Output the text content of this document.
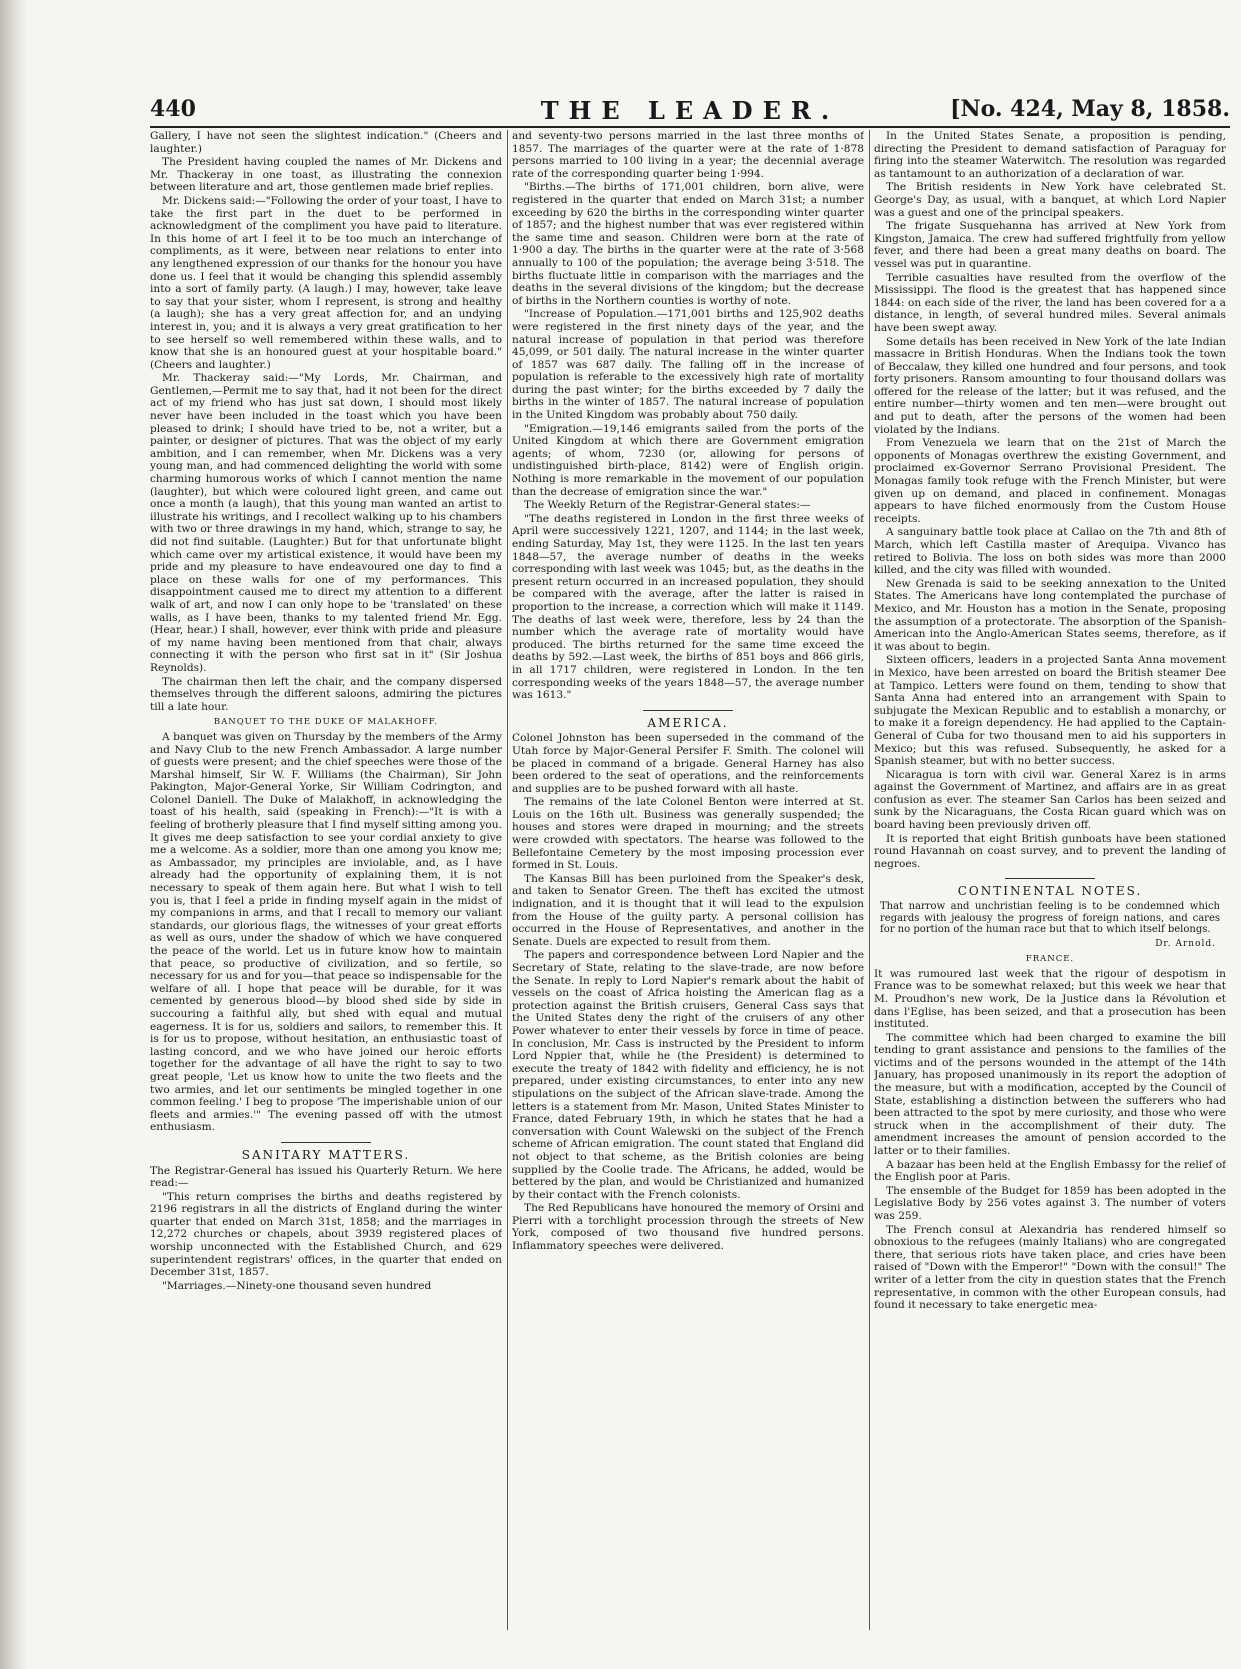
440	THE LEADER.	[No. 424, May 8, 1858.

Gallery, I have not seen the slightest indication." (Cheers and laughter.)

The President having coupled the names of Mr. Dickens and Mr. Thackeray in one toast, as illustrating the connexion between literature and art, those gentlemen made brief replies.

Mr. Dickens said:—"Following the order of your toast, I have to take the first part in the duet to be performed in acknowledgment of the compliment you have paid to literature. In this home of art I feel it to be too much an interchange of compliments, as it were, between near relations to enter into any lengthened expression of our thanks for the honour you have done us. I feel that it would be changing this splendid assembly into a sort of family party. (A laugh.) I may, however, take leave to say that your sister, whom I represent, is strong and healthy (a laugh); she has a very great affection for, and an undying interest in, you; and it is always a very great gratification to her to see herself so well remembered within these walls, and to know that she is an honoured guest at your hospitable board." (Cheers and laughter.)

Mr. Thackeray said:—"My Lords, Mr. Chairman, and Gentlemen,—Permit me to say that, had it not been for the direct act of my friend who has just sat down, I should most likely never have been included in the toast which you have been pleased to drink; I should have tried to be, not a writer, but a painter, or designer of pictures. That was the object of my early ambition, and I can remember, when Mr. Dickens was a very young man, and had commenced delighting the world with some charming humorous works of which I cannot mention the name (laughter), but which were coloured light green, and came out once a month (a laugh), that this young man wanted an artist to illustrate his writings, and I recollect walking up to his chambers with two or three drawings in my hand, which, strange to say, he did not find suitable. (Laughter.) But for that unfortunate blight which came over my artistical existence, it would have been my pride and my pleasure to have endeavoured one day to find a place on these walls for one of my performances. This disappointment caused me to direct my attention to a different walk of art, and now I can only hope to be 'translated' on these walls, as I have been, thanks to my talented friend Mr. Egg. (Hear, hear.) I shall, however, ever think with pride and pleasure of my name having been mentioned from that chair, always connecting it with the person who first sat in it" (Sir Joshua Reynolds).

The chairman then left the chair, and the company dispersed themselves through the different saloons, admiring the pictures till a late hour.

BANQUET TO THE DUKE OF MALAKHOFF.

A banquet was given on Thursday by the members of the Army and Navy Club to the new French Ambassador. A large number of guests were present; and the chief speeches were those of the Marshal himself, Sir W. F. Williams (the Chairman), Sir John Pakington, Major-General Yorke, Sir William Codrington, and Colonel Daniell. The Duke of Malakhoff, in acknowledging the toast of his health, said (speaking in French):—"It is with a feeling of brotherly pleasure that I find myself sitting among you. It gives me deep satisfaction to see your cordial anxiety to give me a welcome. As a soldier, more than one among you know me; as Ambassador, my principles are inviolable, and, as I have already had the opportunity of explaining them, it is not necessary to speak of them again here. But what I wish to tell you is, that I feel a pride in finding myself again in the midst of my companions in arms, and that I recall to memory our valiant standards, our glorious flags, the witnesses of your great efforts as well as ours, under the shadow of which we have conquered the peace of the world. Let us in future know how to maintain that peace, so productive of civilization, and so fertile, so necessary for us and for you—that peace so indispensable for the welfare of all. I hope that peace will be durable, for it was cemented by generous blood—by blood shed side by side in succouring a faithful ally, but shed with equal and mutual eagerness. It is for us, soldiers and sailors, to remember this. It is for us to propose, without hesitation, an enthusiastic toast of lasting concord, and we who have joined our heroic efforts together for the advantage of all have the right to say to two great people, 'Let us know how to unite the two fleets and the two armies, and let our sentiments be mingled together in one common feeling.' I beg to propose 'The imperishable union of our fleets and armies.'" The evening passed off with the utmost enthusiasm.

SANITARY MATTERS.

The Registrar-General has issued his Quarterly Return. We here read:—

"This return comprises the births and deaths registered by 2196 registrars in all the districts of England during the winter quarter that ended on March 31st, 1858; and the marriages in 12,272 churches or chapels, about 3939 registered places of worship unconnected with the Established Church, and 629 superintendent registrars' offices, in the quarter that ended on December 31st, 1857.

"Marriages.—Ninety-one thousand seven hundred

and seventy-two persons married in the last three months of 1857. The marriages of the quarter were at the rate of 1·878 persons married to 100 living in a year; the decennial average rate of the corresponding quarter being 1·994.

"Births.—The births of 171,001 children, born alive, were registered in the quarter that ended on March 31st; a number exceeding by 620 the births in the corresponding winter quarter of 1857; and the highest number that was ever registered within the same time and season. Children were born at the rate of 1·900 a day. The births in the quarter were at the rate of 3·568 annually to 100 of the population; the average being 3·518. The births fluctuate little in comparison with the marriages and the deaths in the several divisions of the kingdom; but the decrease of births in the Northern counties is worthy of note.

"Increase of Population.—171,001 births and 125,902 deaths were registered in the first ninety days of the year, and the natural increase of population in that period was therefore 45,099, or 501 daily. The natural increase in the winter quarter of 1857 was 687 daily. The falling off in the increase of population is referable to the excessively high rate of mortality during the past winter; for the births exceeded by 7 daily the births in the winter of 1857. The natural increase of population in the United Kingdom was probably about 750 daily.

"Emigration.—19,146 emigrants sailed from the ports of the United Kingdom at which there are Government emigration agents; of whom, 7230 (or, allowing for persons of undistinguished birth-place, 8142) were of English origin. Nothing is more remarkable in the movement of our population than the decrease of emigration since the war."

The Weekly Return of the Registrar-General states:—

"The deaths registered in London in the first three weeks of April were successively 1221, 1207, and 1144; in the last week, ending Saturday, May 1st, they were 1125. In the last ten years 1848—57, the average number of deaths in the weeks corresponding with last week was 1045; but, as the deaths in the present return occurred in an increased population, they should be compared with the average, after the latter is raised in proportion to the increase, a correction which will make it 1149. The deaths of last week were, therefore, less by 24 than the number which the average rate of mortality would have produced. The births returned for the same time exceed the deaths by 592.—Last week, the births of 851 boys and 866 girls, in all 1717 children, were registered in London. In the ten corresponding weeks of the years 1848—57, the average number was 1613."

AMERICA.

Colonel Johnston has been superseded in the command of the Utah force by Major-General Persifer F. Smith. The colonel will be placed in command of a brigade. General Harney has also been ordered to the seat of operations, and the reinforcements and supplies are to be pushed forward with all haste.

The remains of the late Colonel Benton were interred at St. Louis on the 16th ult. Business was generally suspended; the houses and stores were draped in mourning; and the streets were crowded with spectators. The hearse was followed to the Bellefontaine Cemetery by the most imposing procession ever formed in St. Louis.

The Kansas Bill has been purloined from the Speaker's desk, and taken to Senator Green. The theft has excited the utmost indignation, and it is thought that it will lead to the expulsion from the House of the guilty party. A personal collision has occurred in the House of Representatives, and another in the Senate. Duels are expected to result from them.

The papers and correspondence between Lord Napier and the Secretary of State, relating to the slave-trade, are now before the Senate. In reply to Lord Napier's remark about the habit of vessels on the coast of Africa hoisting the American flag as a protection against the British cruisers, General Cass says that the United States deny the right of the cruisers of any other Power whatever to enter their vessels by force in time of peace. In conclusion, Mr. Cass is instructed by the President to inform Lord Nppier that, while he (the President) is determined to execute the treaty of 1842 with fidelity and efficiency, he is not prepared, under existing circumstances, to enter into any new stipulations on the subject of the African slave-trade. Among the letters is a statement from Mr. Mason, United States Minister to France, dated February 19th, in which he states that he had a conversation with Count Walewski on the subject of the French scheme of African emigration. The count stated that England did not object to that scheme, as the British colonies are being supplied by the Coolie trade. The Africans, he added, would be bettered by the plan, and would be Christianized and humanized by their contact with the French colonists.

The Red Republicans have honoured the memory of Orsini and Pierri with a torchlight procession through the streets of New York, composed of two thousand five hundred persons. Inflammatory speeches were delivered.

In the United States Senate, a proposition is pending, directing the President to demand satisfaction of Paraguay for firing into the steamer Waterwitch. The resolution was regarded as tantamount to an authorization of a declaration of war.

The British residents in New York have celebrated St. George's Day, as usual, with a banquet, at which Lord Napier was a guest and one of the principal speakers.

The frigate Susquehanna has arrived at New York from Kingston, Jamaica. The crew had suffered frightfully from yellow fever, and there had been a great many deaths on board. The vessel was put in quarantine.

Terrible casualties have resulted from the overflow of the Mississippi. The flood is the greatest that has happened since 1844: on each side of the river, the land has been covered for a a distance, in length, of several hundred miles. Several animals have been swept away.

Some details has been received in New York of the late Indian massacre in British Honduras. When the Indians took the town of Beccalaw, they killed one hundred and four persons, and took forty prisoners. Ransom amounting to four thousand dollars was offered for the release of the latter; but it was refused, and the entire number—thirty women and ten men—were brought out and put to death, after the persons of the women had been violated by the Indians.

From Venezuela we learn that on the 21st of March the opponents of Monagas overthrew the existing Government, and proclaimed ex-Governor Serrano Provisional President. The Monagas family took refuge with the French Minister, but were given up on demand, and placed in confinement. Monagas appears to have filched enormously from the Custom House receipts.

A sanguinary battle took place at Callao on the 7th and 8th of March, which left Castilla master of Arequipa. Vivanco has retired to Bolivia. The loss on both sides was more than 2000 killed, and the city was filled with wounded.

New Grenada is said to be seeking annexation to the United States. The Americans have long contemplated the purchase of Mexico, and Mr. Houston has a motion in the Senate, proposing the assumption of a protectorate. The absorption of the Spanish-American into the Anglo-American States seems, therefore, as if it was about to begin.

Sixteen officers, leaders in a projected Santa Anna movement in Mexico, have been arrested on board the British steamer Dee at Tampico. Letters were found on them, tending to show that Santa Anna had entered into an arrangement with Spain to subjugate the Mexican Republic and to establish a monarchy, or to make it a foreign dependency. He had applied to the Captain-General of Cuba for two thousand men to aid his supporters in Mexico; but this was refused. Subsequently, he asked for a Spanish steamer, but with no better success.

Nicaragua is torn with civil war. General Xarez is in arms against the Government of Martinez, and affairs are in as great confusion as ever. The steamer San Carlos has been seized and sunk by the Nicaraguans, the Costa Rican guard which was on board having been previously driven off.

It is reported that eight British gunboats have been stationed round Havannah on coast survey, and to prevent the landing of negroes.

CONTINENTAL NOTES.
That narrow and unchristian feeling is to be condemned which regards with jealousy the progress of foreign nations, and cares for no portion of the human race but that to which itself belongs.
Dr. Arnold.
FRANCE.

It was rumoured last week that the rigour of despotism in France was to be somewhat relaxed; but this week we hear that M. Proudhon's new work, De la Justice dans la Révolution et dans l'Eglise, has been seized, and that a prosecution has been instituted.

The committee which had been charged to examine the bill tending to grant assistance and pensions to the families of the victims and of the persons wounded in the attempt of the 14th January, has proposed unanimously in its report the adoption of the measure, but with a modification, accepted by the Council of State, establishing a distinction between the sufferers who had been attracted to the spot by mere curiosity, and those who were struck when in the accomplishment of their duty. The amendment increases the amount of pension accorded to the latter or to their families.

A bazaar has been held at the English Embassy for the relief of the English poor at Paris.

The ensemble of the Budget for 1859 has been adopted in the Legislative Body by 256 votes against 3. The number of voters was 259.

The French consul at Alexandria has rendered himself so obnoxious to the refugees (mainly Italians) who are congregated there, that serious riots have taken place, and cries have been raised of "Down with the Emperor!" "Down with the consul!" The writer of a letter from the city in question states that the French representative, in common with the other European consuls, had found it necessary to take energetic mea-
